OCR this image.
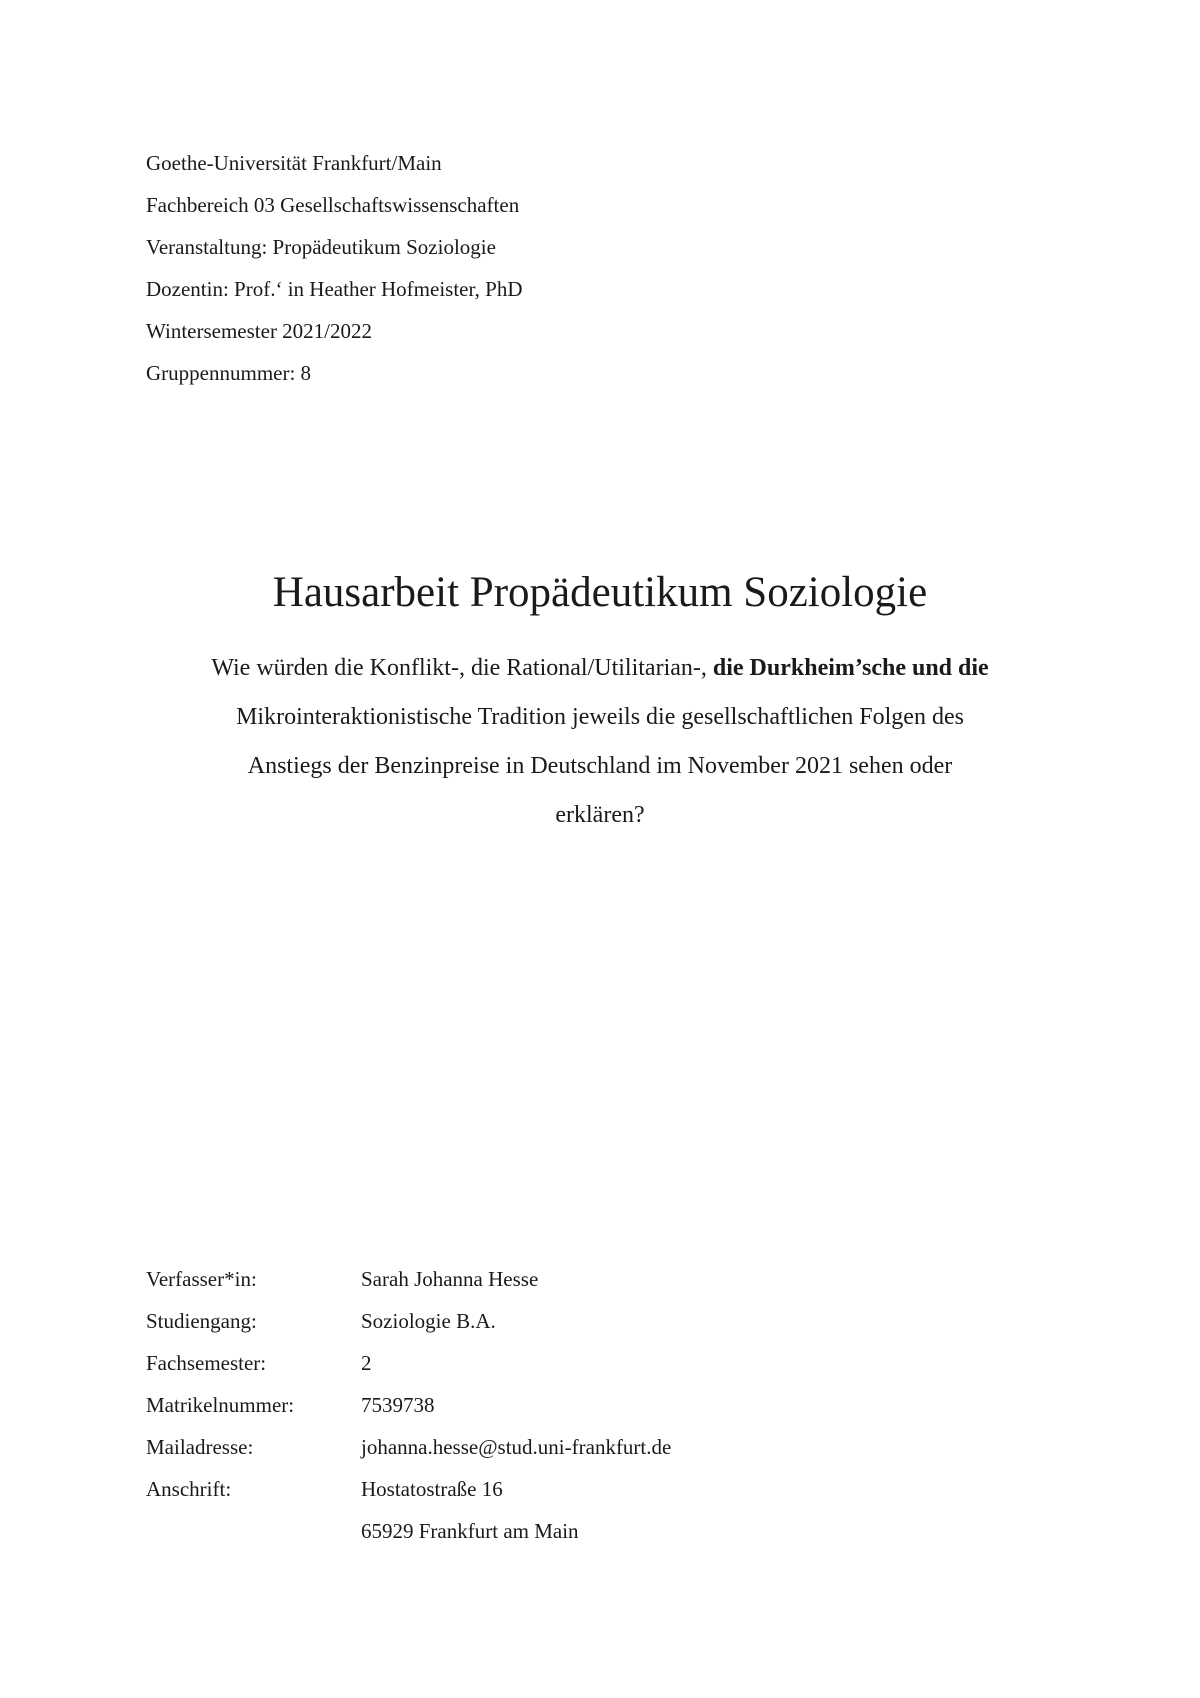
Goethe-Universität Frankfurt/Main
Fachbereich 03 Gesellschaftswissenschaften
Veranstaltung: Propädeutikum Soziologie
Dozentin: Prof.‘ in Heather Hofmeister, PhD
Wintersemester 2021/2022
Gruppennummer: 8
Hausarbeit Propädeutikum Soziologie
Wie würden die Konflikt-, die Rational/Utilitarian-, die Durkheim’sche und die
Mikrointeraktionistische Tradition jeweils die gesellschaftlichen Folgen des
Anstiegs der Benzinpreise in Deutschland im November 2021 sehen oder
erklären?
Verfasser*in:	Sarah Johanna Hesse
Studiengang:	Soziologie B.A.
Fachsemester:	2
Matrikelnummer:	7539738
Mailadresse:	johanna.hesse@stud.uni-frankfurt.de
Anschrift:	Hostatostraße 16
65929 Frankfurt am Main
